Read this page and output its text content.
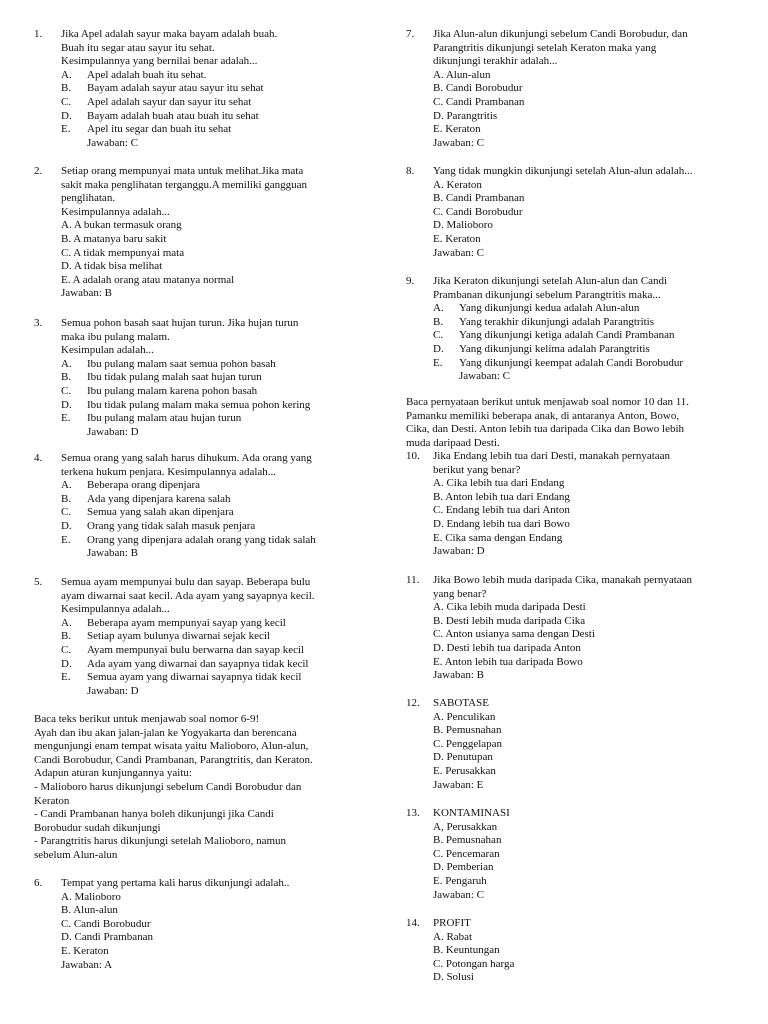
1.	Jika Apel adalah sayur maka bayam adalah buah.
Buah itu segar atau sayur itu sehat.
Kesimpulannya yang bernilai benar adalah...
A.	Apel adalah buah itu sehat.
B.	Bayam adalah sayur atau sayur itu sehat
C.	Apel adalah sayur dan sayur itu sehat
D.	Bayam adalah buah atau buah itu sehat
E.	Apel itu segar dan buah itu sehat
Jawaban: C
2.	Setiap orang mempunyai mata untuk melihat.Jika mata
sakit maka penglihatan terganggu.A memiliki gangguan
penglihatan.
Kesimpulannya adalah...
A. A bukan termasuk orang
B. A matanya baru sakit
C. A tidak mempunyai mata
D. A tidak bisa melihat
E. A adalah orang atau matanya normal
Jawaban: B
3.	Semua pohon basah saat hujan turun. Jika hujan turun
maka ibu pulang malam.
Kesimpulan adalah...
A.	Ibu pulang malam saat semua pohon basah
B.	Ibu tidak pulang malah saat hujan turun
C.	Ibu pulang malam karena pohon basah
D.	Ibu tidak pulang malam maka semua pohon kering
E.	Ibu pulang malam atau hujan turun
Jawaban: D
4.	Semua orang yang salah harus dihukum. Ada orang yang
terkena hukum penjara. Kesimpulannya adalah...
A.	Beberapa orang dipenjara
B.	Ada yang dipenjara karena salah
C.	Semua yang salah akan dipenjara
D.	Orang yang tidak salah masuk penjara
E.	Orang yang dipenjara adalah orang yang tidak salah
Jawaban: B
5.	Semua ayam mempunyai bulu dan sayap. Beberapa bulu
ayam diwarnai saat kecil. Ada ayam yang sayapnya kecil.
Kesimpulannya adalah...
A.	Beberapa ayam mempunyai sayap yang kecil
B.	Setiap ayam bulunya diwarnai sejak kecil
C.	Ayam mempunyai bulu berwarna dan sayap kecil
D.	Ada ayam yang diwarnai dan sayapnya tidak kecil
E.	Semua ayam yang diwarnai sayapnya tidak kecil
Jawaban: D
Baca teks berikut untuk menjawab soal nomor 6-9!
Ayah dan ibu akan jalan-jalan ke Yogyakarta dan berencana
mengunjungi enam tempat wisata yaitu Malioboro, Alun-alun,
Candi Borobudur, Candi Prambanan, Parangtritis, dan Keraton.
Adapun aturan kunjungannya yaitu:
- Malioboro harus dikunjungi sebelum Candi Borobudur dan
Keraton
- Candi Prambanan hanya boleh dikunjungi jika Candi
Borobudur sudah dikunjungi
- Parangtritis harus dikunjungi setelah Malioboro, namun
sebelum Alun-alun
6.	Tempat yang pertama kali harus dikunjungi adalah..
A. Malioboro
B. Alun-alun
C. Candi Borobudur
D. Candi Prambanan
E. Keraton
Jawaban: A
7.	Jika Alun-alun dikunjungi sebelum Candi Borobudur, dan
Parangtritis dikunjungi setelah Keraton maka yang
dikunjungi terakhir adalah...
A. Alun-alun
B. Candi Borobudur
C. Candi Prambanan
D. Parangtritis
E. Keraton
Jawaban: C
8.	Yang tidak mungkin dikunjungi setelah Alun-alun adalah...
A. Keraton
B. Candi Prambanan
C. Candi Borobudur
D. Malioboro
E. Keraton
Jawaban: C
9.	Jika Keraton dikunjungi setelah Alun-alun dan Candi
Prambanan dikunjungi sebelum Parangtritis maka...
A.	Yang dikunjungi kedua adalah Alun-alun
B.	Yang terakhir dikunjungi adalah Parangtritis
C.	Yang dikunjungi ketiga adalah Candi Prambanan
D.	Yang dikunjungi kelima adalah Parangtritis
E.	Yang dikunjungi keempat adalah Candi Borobudur
Jawaban: C
Baca pernyataan berikut untuk menjawab soal nomor 10 dan 11.
Pamanku memiliki beberapa anak, di antaranya Anton, Bowo,
Cika, dan Desti. Anton lebih tua daripada Cika dan Bowo lebih
muda daripaad Desti.
10.	Jika Endang lebih tua dari Desti, manakah pernyataan
berikut yang benar?
A. Cika lebih tua dari Endang
B. Anton lebih tua dari Endang
C. Endang lebih tua dari Anton
D. Endang lebih tua dari Bowo
E. Cika sama dengan Endang
Jawaban: D
11.	Jika Bowo lebih muda daripada Cika, manakah pernyataan
yang benar?
A. Cika lebih muda daripada Desti
B. Desti lebih muda daripada Cika
C. Anton usianya sama dengan Desti
D. Desti lebih tua daripada Anton
E. Anton lebih tua daripada Bowo
Jawaban: B
12.	SABOTASE
A. Penculikan
B. Pemusnahan
C. Penggelapan
D. Penutupan
E. Perusakkan
Jawaban: E
13.	KONTAMINASI
A, Perusakkan
B. Pemusnahan
C. Pencemaran
D. Pemberian
E. Pengaruh
Jawaban: C
14.	PROFIT
A. Rabat
B. Keuntungan
C. Potongan harga
D. Solusi
